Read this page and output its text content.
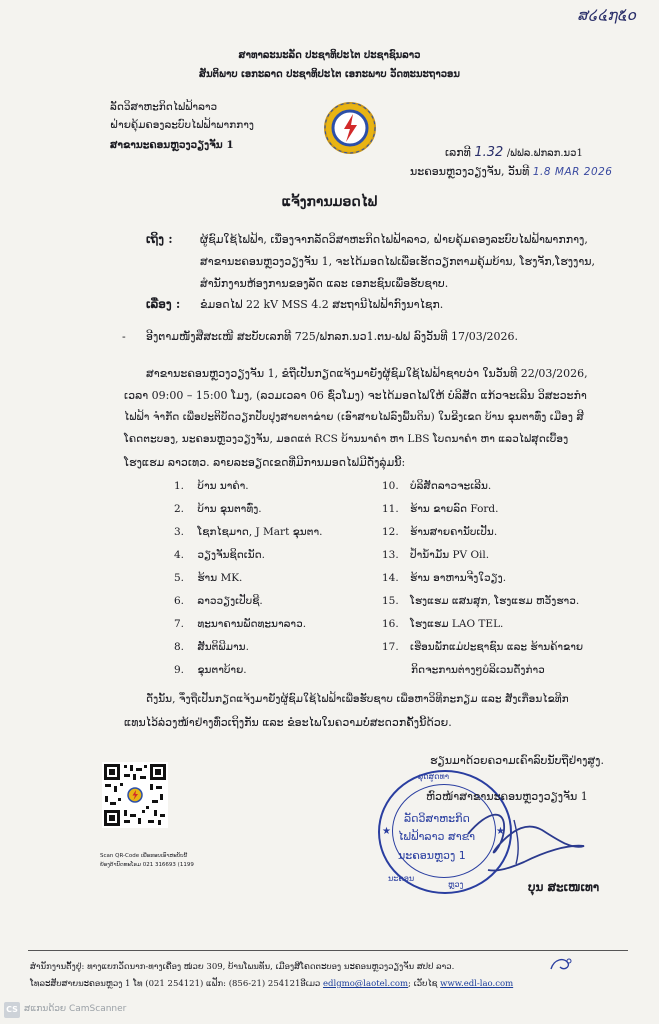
ສ໒໔໗໕໐
ສາທາລະນະລັດ ປະຊາທິປະໄຕ ປະຊາຊົນລາວ
ສັນຕິພາບ ເອກະລາດ ປະຊາທິປະໄຕ ເອກະພາບ ວັດທະນະຖາວອນ
ລັດວິສາຫະກິດໄຟຟ້າລາວ
ຝ່າຍຄຸ້ມຄອງລະບົບໄຟຟ້າພາກກາງ
ສາຂານະຄອນຫຼວງວຽງຈັນ 1
ເລກທີ 1.32 /ຟຟລ.ຟກລກ.ນວ1
ນະຄອນຫຼວງວຽງຈັນ, ວັນທີ 1.8 MAR 2026
ແຈ້ງການມອດໄຟ
ເຖິງ : ຜູ້ຊົມໃຊ້ໄຟຟ້າ, ເນື່ອງຈາກລັດວິສາຫະກິດໄຟຟ້າລາວ, ຝ່າຍຄຸ້ມຄອງລະບົບໄຟຟ້າພາກກາງ,
ສາຂານະຄອນຫຼວງວຽງຈັນ 1, ຈະໄດ້ມອດໄຟເພື່ອເຮັດວຽກຕາມຄຸ້ມບ້ານ, ໂຮງຈັກ,ໂຮງງານ,
ສຳນັກງານຫ້ອງການຂອງລັດ ແລະ ເອກະຊົນເພື່ອຮັບຊາບ.
ເລື່ອງ : ຂໍມອດໄຟ 22 kV MSS 4.2 ສະຖານີໄຟຟ້າກົງນາໄຊກ.
- ອີງຕາມໜັງສືສະເໜີ ສະບັບເລກທີ 725/ຟກລກ.ນວ1.ຕນ-ຟຟ ລົງວັນທີ 17/03/2026.
ສາຂານະຄອນຫຼວງວຽງຈັນ 1, ຂໍຖືເປັນກຽດແຈ້ງມາຍັງຜູ້ຊົມໃຊ້ໄຟຟ້າຊາບວ່າ ໃນວັນທີ 22/03/2026,
ເວລາ 09:00 – 15:00 ໂມງ, (ລວມເວລາ 06 ຊົ່ວໂມງ) ຈະໄດ້ມອດໄຟໃຫ້ ບໍລິສັດ ແກ້ວຈະເລີນ ວິສະວະກຳ
ໄຟຟ້າ ຈຳກັດ ເພື່ອປະຕິບັດວຽກປັບປຸງສາຍຕາຂ່າຍ (ເອົາສາຍໄຟລົງພື້ນດິນ) ໃນຂີງເຂດ ບ້ານ ຂຸນຕາທົ່ງ ເມືອງ ສີ
ໂຄດຕະບອງ, ນະຄອນຫຼວງວຽງຈັນ, ມອດແຕ່ RCS ບ້ານນາຄຳ ຫາ LBS ໂບດນາຄຳ ຫາ ແລວໄຟສຸດເບື້ອງ
ໂຮງແຮມ ລາວເທວ. ລາຍລະອຽດເຂດທີ່ມີການມອດໄຟມີດັ່ງລຸ່ມນີ້:
1. ບ້ານ ນາຄຳ.
2. ບ້ານ ຂຸນຕາທົ່ງ.
3. ໂຊກໄຊມາດ, J Mart ຂຸນຕາ.
4. ວຽງຈັນຊິດເນັດ.
5. ຮ້ານ MK.
6. ລາວວຽງເປັບຊີ.
7. ທະນາຄານພັດທະນາລາວ.
8. ສັນຕິພີມານ.
9. ຂຸນຕາບ້າຍ.
10. ບໍລິສັດລາວຈະເລີນ.
11. ຮ້ານ ຂາຍລົດ Ford.
12. ຮ້ານສາຍຄານັບເປັນ.
13. ປໍ້ານໍ້າມັນ PV Oil.
14. ຮ້ານ ອາຫານຈີງໃວຽງ.
15. ໂຮງແຮມ ແສນສຸກ, ໂຮງແຮມ ຫວັງຮາວ.
16. ໂຮງແຮມ LAO TEL.
17. ເຮືອນພັກແມ່ປະຊາຊົນ ແລະ ຮ້ານຄ້າຂາຍ
ກິດຈະການຕ່າງໆບໍລິເວນດັ່ງກ່າວ
ດັ່ງນັ້ນ, ຈຶ່ງຖືເປັນກຽດແຈ້ງມາຍັງຜູ້ຊົມໃຊ້ໄຟຟ້າເພື່ອຮັບຊາບ ເພື່ອຫາວິທີກະກຽມ ແລະ ສັງເກື່ອນໄຂທີກ
ແທນໄວ້ລ່ວງໜ້າຢ່າງທົ່ວເຖິງກັນ ແລະ ຂໍອະໄພໃນຄວາມບໍ່ສະດວກຄັ້ງນີ້ດ້ວຍ.
ຮຽນມາດ້ວຍຄວາມເຄົາລົບນັບຖືຢ່າງສູງ.
Scan QR-Code ເພື່ອຮອບເອົາສະບັບນີ້
ຍ້ອງຕ້ານົດທະໂຣມ 021 316693 (1199
ລຸດສູດທາ
ລັດວິສາຫະກິດ
ໄຟຟ້າລາວ ສາຂາ
ນະຄອນຫຼວງ 1
ນະຄອນ
ຫຼວງ
★	★
ຫົວໜ້າສາຂານະຄອນຫຼວງວຽງຈັນ 1
ບຸນ ສະເໜເທາ
ສຳນັກງານຕັ້ງຢູ່: ທາງແຍກວັດນາກ-ທາງເຄື່ອງ ໜ່ວຍ 309, ບ້ານໂພນທັນ, ເມືອງສີໂຄດຕະບອງ ນະຄອນຫຼວງວຽງຈັນ ສປປ ລາວ.
ໂທລະສັບສາຍນະຄອນຫຼວງ 1 ໂທ (021 254121) ແຟັກ: (856-21) 254121ອີເມວ edlgmo@laotel.com; ເວັບໄຊ www.edl-lao.com
CS ສແກນດ້ວຍ CamScanner
